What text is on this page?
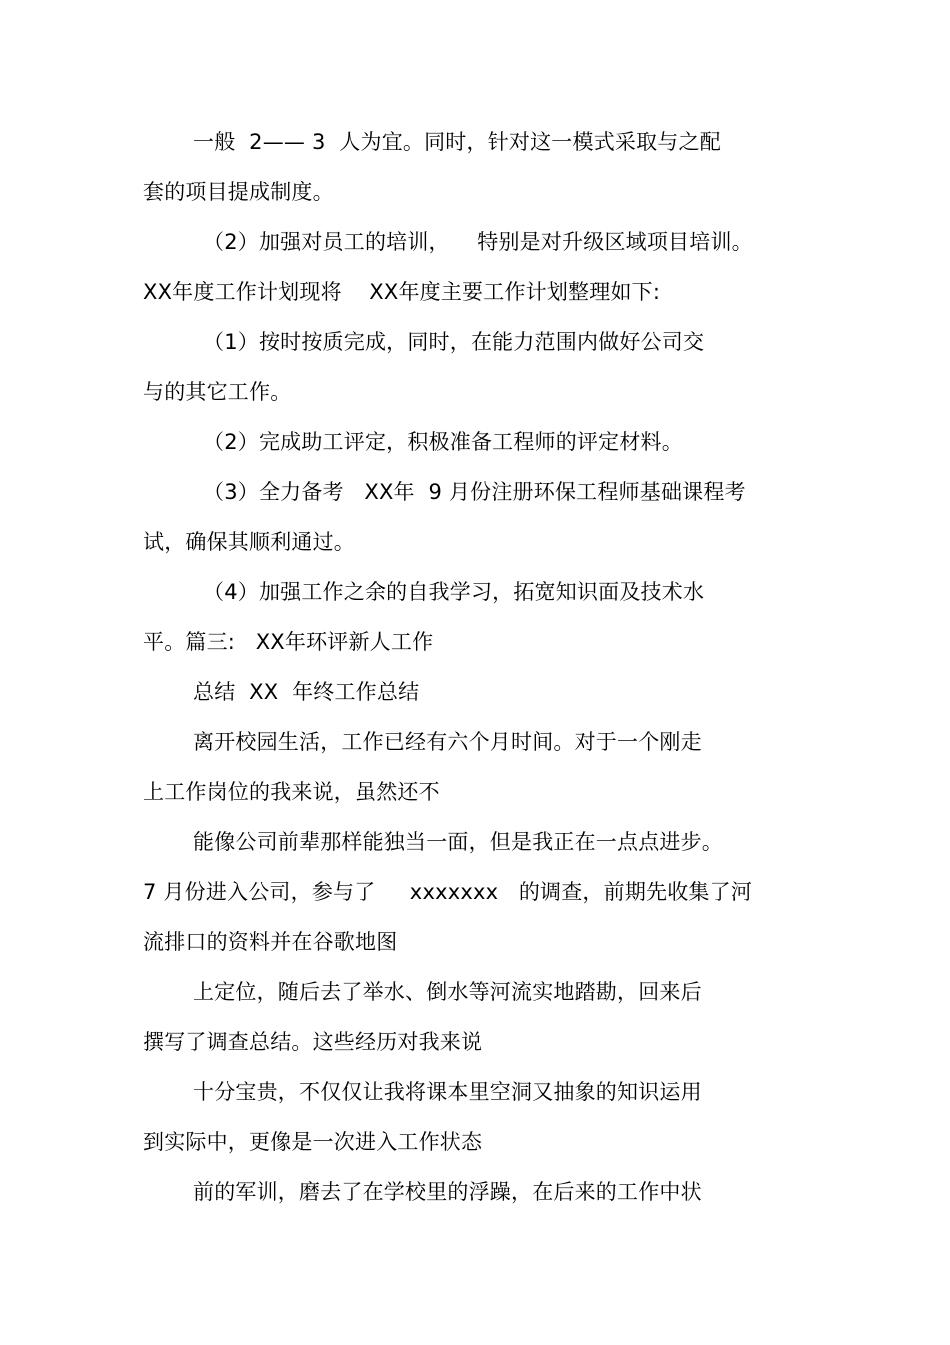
一般  2—— 3  人为宜。同时，针对这一模式采取与之配
套的项目提成制度。
（2）加强对员工的培训，    特别是对升级区域项目培训。
XX年度工作计划现将    XX年度主要工作计划整理如下:
（1）按时按质完成，同时，在能力范围内做好公司交
与的其它工作。
（2）完成助工评定，积极准备工程师的评定材料。
（3）全力备考   XX年  9 月份注册环保工程师基础课程考
试，确保其顺利通过。
（4）加强工作之余的自我学习，拓宽知识面及技术水
平。篇三:   XX年环评新人工作
总结  XX  年终工作总结
离开校园生活，工作已经有六个月时间。对于一个刚走
上工作岗位的我来说，虽然还不
能像公司前辈那样能独当一面，但是我正在一点点进步。
7 月份进入公司，参与了     xxxxxxx   的调查，前期先收集了河
流排口的资料并在谷歌地图
上定位，随后去了举水、倒水等河流实地踏勘，回来后
撰写了调查总结。这些经历对我来说
十分宝贵，不仅仅让我将课本里空洞又抽象的知识运用
到实际中，更像是一次进入工作状态
前的军训，磨去了在学校里的浮躁，在后来的工作中状
